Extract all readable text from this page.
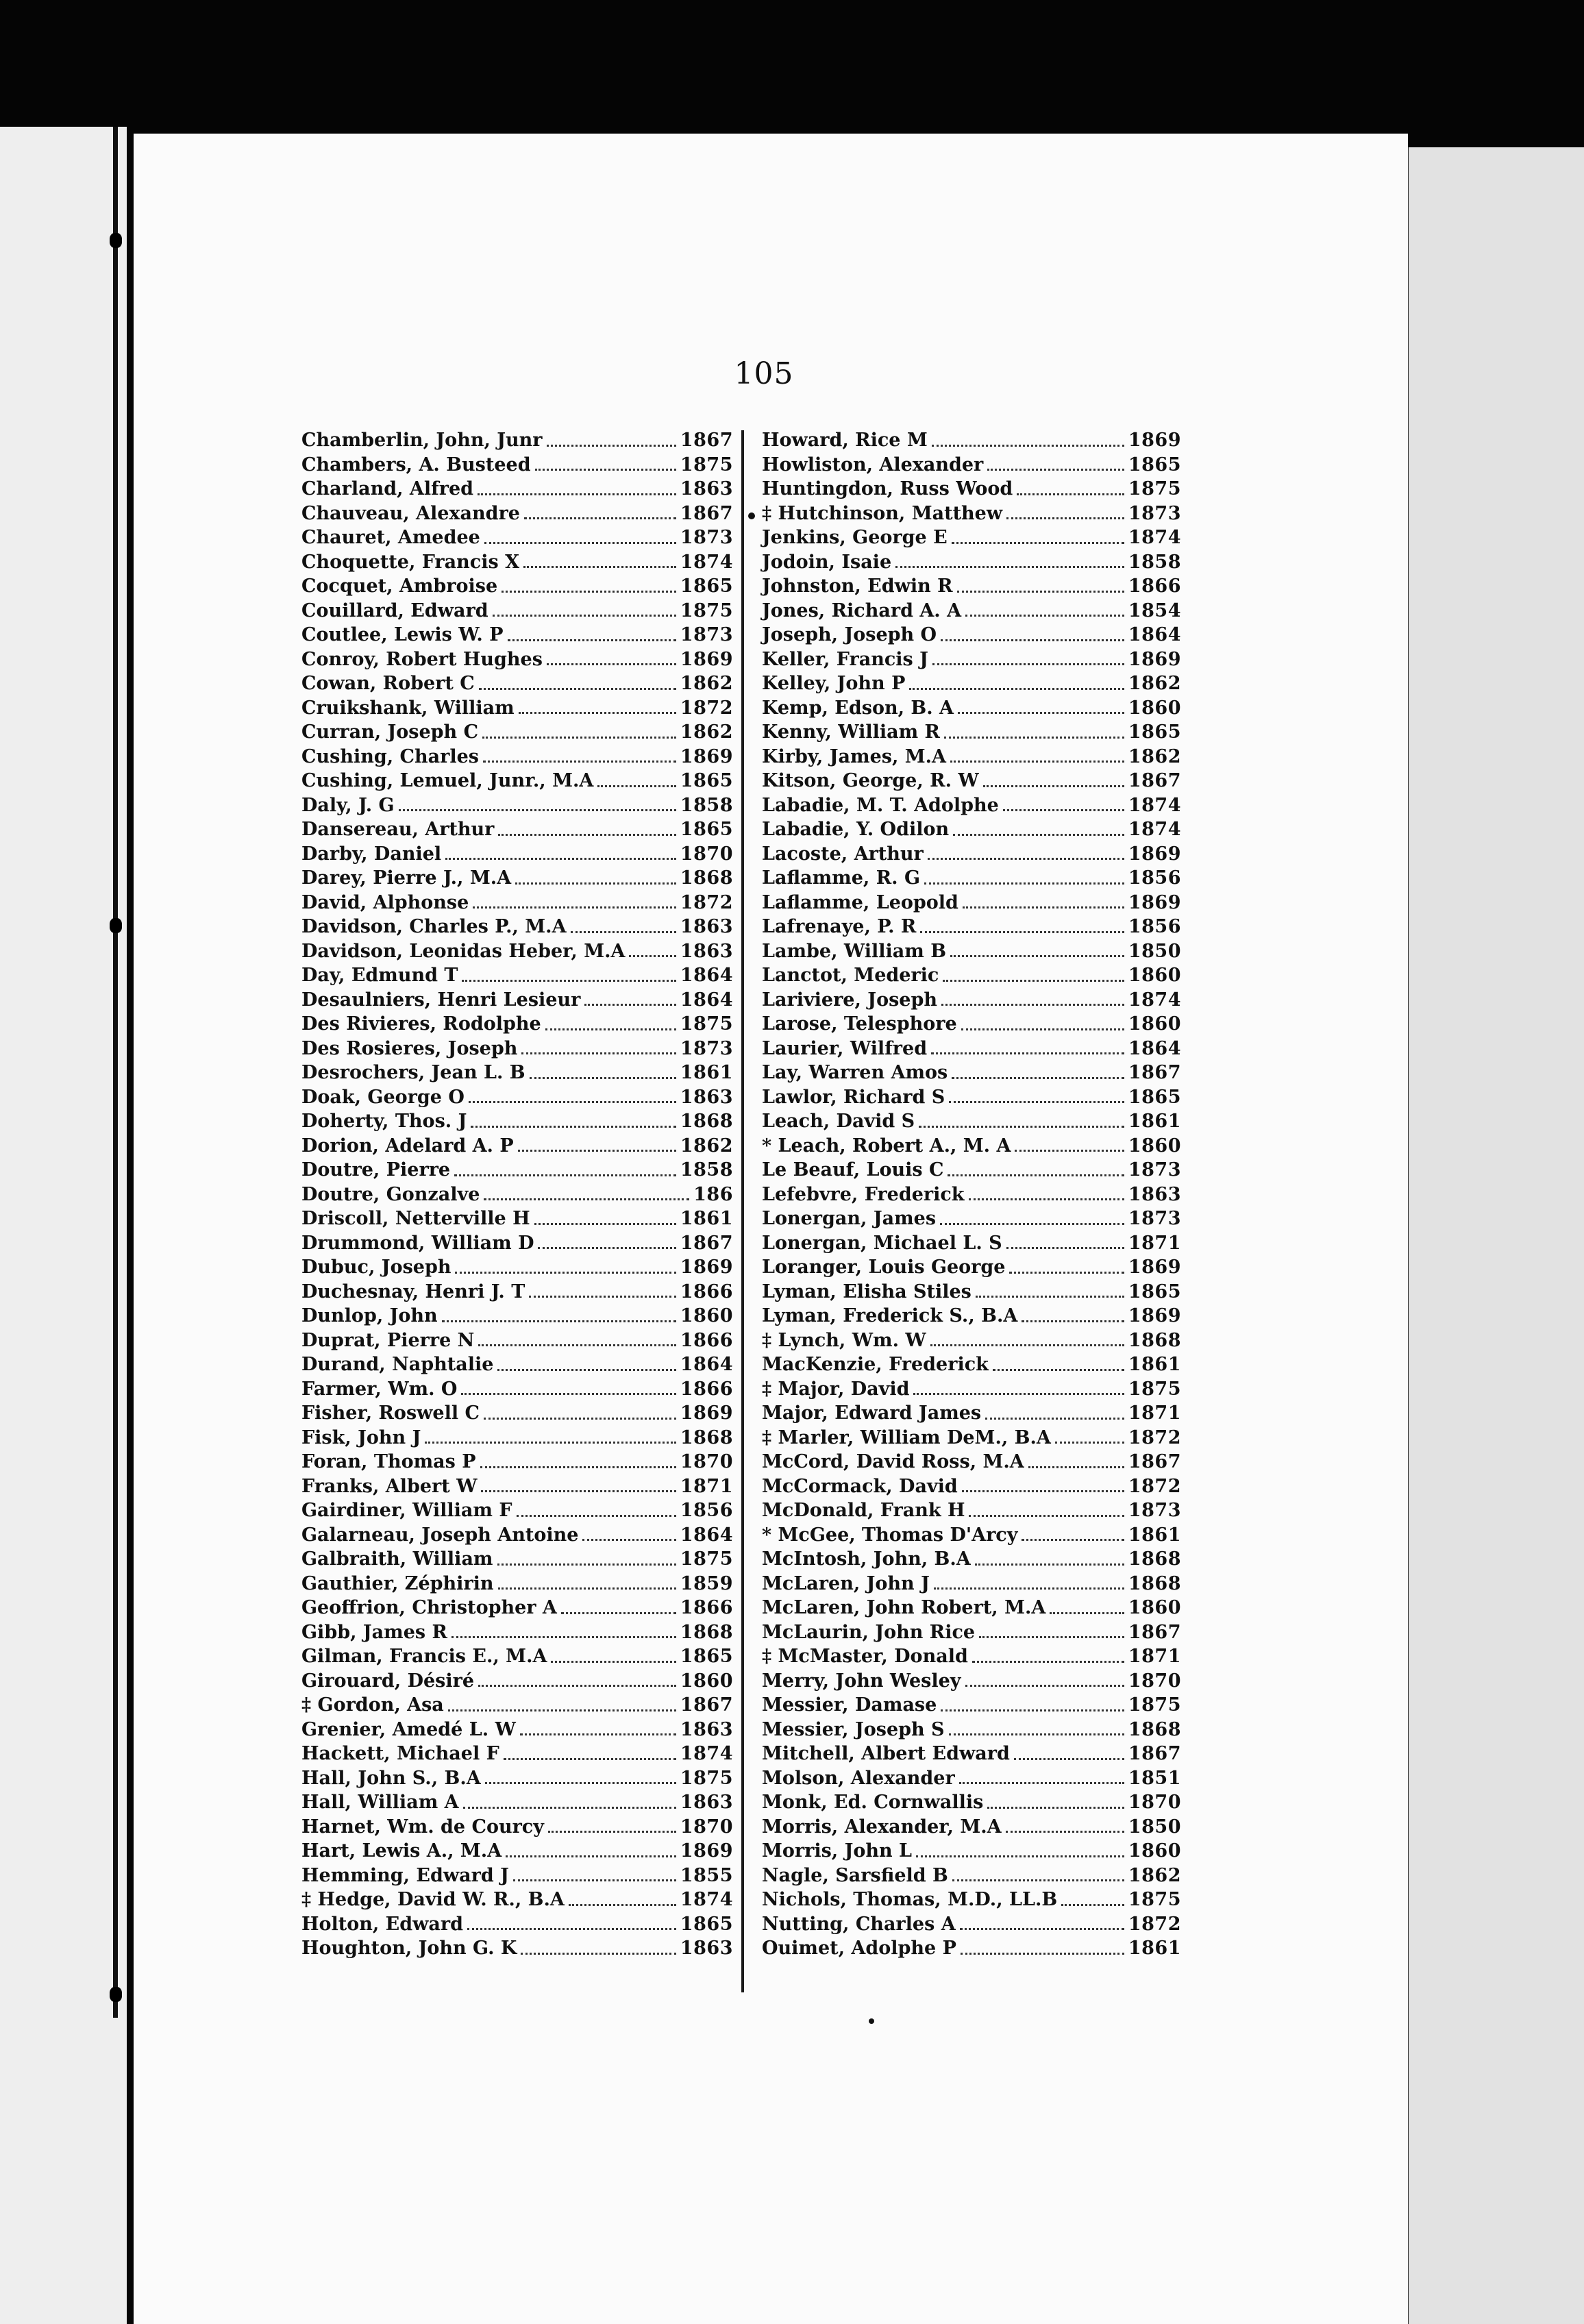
105
Chamberlin, John, Junr	1867
Chambers, A. Busteed	1875
Charland, Alfred	1863
Chauveau, Alexandre	1867
Chauret, Amedee	1873
Choquette, Francis X	1874
Cocquet, Ambroise	1865
Couillard, Edward	1875
Coutlee, Lewis W. P	1873
Conroy, Robert Hughes	1869
Cowan, Robert C	1862
Cruikshank, William	1872
Curran, Joseph C	1862
Cushing, Charles	1869
Cushing, Lemuel, Junr., M.A	1865
Daly, J. G	1858
Dansereau, Arthur	1865
Darby, Daniel	1870
Darey, Pierre J., M.A	1868
David, Alphonse	1872
Davidson, Charles P., M.A	1863
Davidson, Leonidas Heber, M.A	1863
Day, Edmund T	1864
Desaulniers, Henri Lesieur	1864
Des Rivieres, Rodolphe	1875
Des Rosieres, Joseph	1873
Desrochers, Jean L. B	1861
Doak, George O	1863
Doherty, Thos. J	1868
Dorion, Adelard A. P	1862
Doutre, Pierre	1858
Doutre, Gonzalve	186
Driscoll, Netterville H	1861
Drummond, William D	1867
Dubuc, Joseph	1869
Duchesnay, Henri J. T	1866
Dunlop, John	1860
Duprat, Pierre N	1866
Durand, Naphtalie	1864
Farmer, Wm. O	1866
Fisher, Roswell C	1869
Fisk, John J	1868
Foran, Thomas P	1870
Franks, Albert W	1871
Gairdiner, William F	1856
Galarneau, Joseph Antoine	1864
Galbraith, William	1875
Gauthier, Zéphirin	1859
Geoffrion, Christopher A	1866
Gibb, James R	1868
Gilman, Francis E., M.A	1865
Girouard, Désiré	1860
‡ Gordon, Asa	1867
Grenier, Amedé L. W	1863
Hackett, Michael F	1874
Hall, John S., B.A	1875
Hall, William A	1863
Harnet, Wm. de Courcy	1870
Hart, Lewis A., M.A	1869
Hemming, Edward J	1855
‡ Hedge, David W. R., B.A	1874
Holton, Edward	1865
Houghton, John G. K	1863
Howard, Rice M	1869
Howliston, Alexander	1865
Huntingdon, Russ Wood	1875
‡ Hutchinson, Matthew	1873
Jenkins, George E	1874
Jodoin, Isaie	1858
Johnston, Edwin R	1866
Jones, Richard A. A	1854
Joseph, Joseph O	1864
Keller, Francis J	1869
Kelley, John P	1862
Kemp, Edson, B. A	1860
Kenny, William R	1865
Kirby, James, M.A	1862
Kitson, George, R. W	1867
Labadie, M. T. Adolphe	1874
Labadie, Y. Odilon	1874
Lacoste, Arthur	1869
Laflamme, R. G	1856
Laflamme, Leopold	1869
Lafrenaye, P. R	1856
Lambe, William B	1850
Lanctot, Mederic	1860
Lariviere, Joseph	1874
Larose, Telesphore	1860
Laurier, Wilfred	1864
Lay, Warren Amos	1867
Lawlor, Richard S	1865
Leach, David S	1861
* Leach, Robert A., M. A	1860
Le Beauf, Louis C	1873
Lefebvre, Frederick	1863
Lonergan, James	1873
Lonergan, Michael L. S	1871
Loranger, Louis George	1869
Lyman, Elisha Stiles	1865
Lyman, Frederick S., B.A	1869
‡ Lynch, Wm. W	1868
MacKenzie, Frederick	1861
‡ Major, David	1875
Major, Edward James	1871
‡ Marler, William DeM., B.A	1872
McCord, David Ross, M.A	1867
McCormack, David	1872
McDonald, Frank H	1873
* McGee, Thomas D'Arcy	1861
McIntosh, John, B.A	1868
McLaren, John J	1868
McLaren, John Robert, M.A	1860
McLaurin, John Rice	1867
‡ McMaster, Donald	1871
Merry, John Wesley	1870
Messier, Damase	1875
Messier, Joseph S	1868
Mitchell, Albert Edward	1867
Molson, Alexander	1851
Monk, Ed. Cornwallis	1870
Morris, Alexander, M.A	1850
Morris, John L	1860
Nagle, Sarsfield B	1862
Nichols, Thomas, M.D., LL.B	1875
Nutting, Charles A	1872
Ouimet, Adolphe P	1861
